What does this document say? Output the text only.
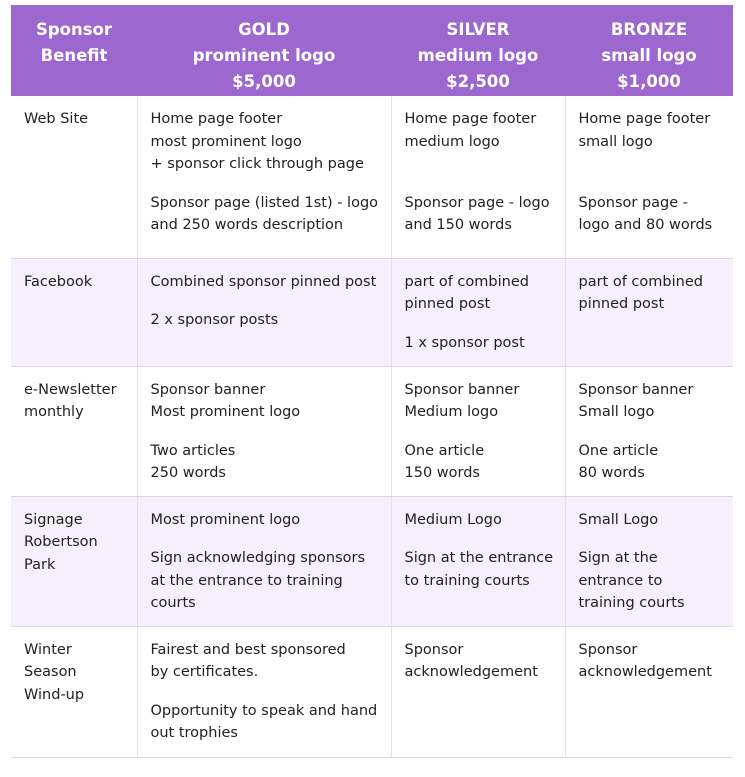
Sponsor
Benefit	GOLD
prominent logo
$5,000	SILVER
medium logo
$2,500	BRONZE
small logo
$1,000

Web Site	Home page footer
most prominent logo
+ sponsor click through page
Sponsor page (listed 1st) - logo
and 250 words description	Home page footer
medium logo
Sponsor page - logo
and 150 words	Home page footer
small logo
Sponsor page -
logo and 80 words

Facebook	Combined sponsor pinned post
2 x sponsor posts	part of combined
pinned post
1 x sponsor post	part of combined
pinned post

e-Newsletter
monthly	Sponsor banner
Most prominent logo
Two articles
250 words	Sponsor banner
Medium logo
One article
150 words	Sponsor banner
Small logo
One article
80 words

Signage
Robertson
Park	Most prominent logo
Sign acknowledging sponsors
at the entrance to training
courts	Medium Logo
Sign at the entrance
to training courts	Small Logo
Sign at the
entrance to
training courts

Winter
Season
Wind-up	Fairest and best sponsored
by certificates.
Opportunity to speak and hand
out trophies	Sponsor
acknowledgement	Sponsor
acknowledgement
